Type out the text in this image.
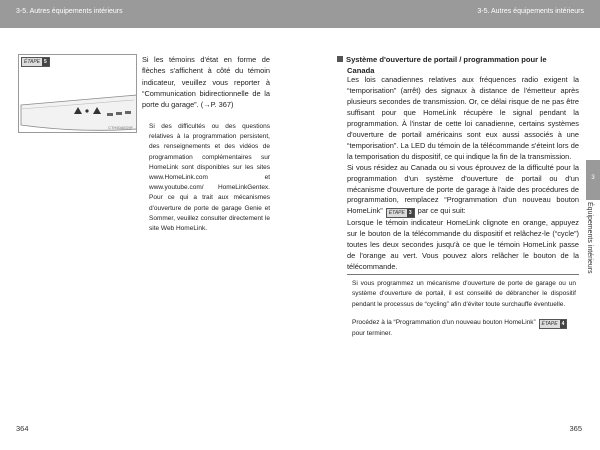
3-5. Autres équipements intérieurs	3-5. Autres équipements intérieurs
ÉTAPE 5
CTH50AE09F

Si les témoins d'état en forme de flèches s'affichent à côté du témoin indicateur, veuillez vous reporter à “Communication bidirectionnelle de la porte du garage”. (→P. 367)

Si des difficultés ou des questions relatives à la programmation persistent, des renseignements et des vidéos de programmation complémentaires sur HomeLink sont disponibles sur les sites www.HomeLink.com et www.youtube.com/ HomeLinkGentex. Pour ce qui a trait aux mécanismes d'ouverture de porte de garage Genie et Sommer, veuillez consulter directement le site Web HomeLink.

364
Système d'ouverture de portail / programmation pour le
Canada

Les lois canadiennes relatives aux fréquences radio exigent la “temporisation” (arrêt) des signaux à distance de l'émetteur après plusieurs secondes de transmission. Or, ce délai risque de ne pas être suffisant pour que HomeLink récupère le signal pendant la programmation. À l'instar de cette loi canadienne, certains systèmes d'ouverture de portail américains sont eux aussi associés à une “temporisation”. La LED du témoin de la télécommande s'éteint lors de la temporisation du dispositif, ce qui indique la fin de la transmission.
Si vous résidez au Canada ou si vous éprouvez de la difficulté pour la programmation d'un système d'ouverture de portail ou d'un mécanisme d'ouverture de porte de garage à l'aide des procédures de programmation, remplacez “Programmation d'un nouveau bouton HomeLink”	ÉTAPE 3 par ce qui suit:
Lorsque le témoin indicateur HomeLink clignote en orange, appuyez sur le bouton de la télécommande du dispositif et relâchez-le (“cycle”) toutes les deux secondes jusqu'à ce que le témoin HomeLink passe de l'orange au vert. Vous pouvez alors relâcher le bouton de la télécommande.

Si vous programmez un mécanisme d'ouverture de porte de garage ou un système d'ouverture de portail, il est conseillé de débrancher le dispositif pendant le processus de “cycling” afin d'éviter toute surchauffe éventuelle.

Procédez à la “Programmation d'un nouveau bouton HomeLink”	ÉTAPE 4

pour terminer.

365
3
Équipements intérieurs
